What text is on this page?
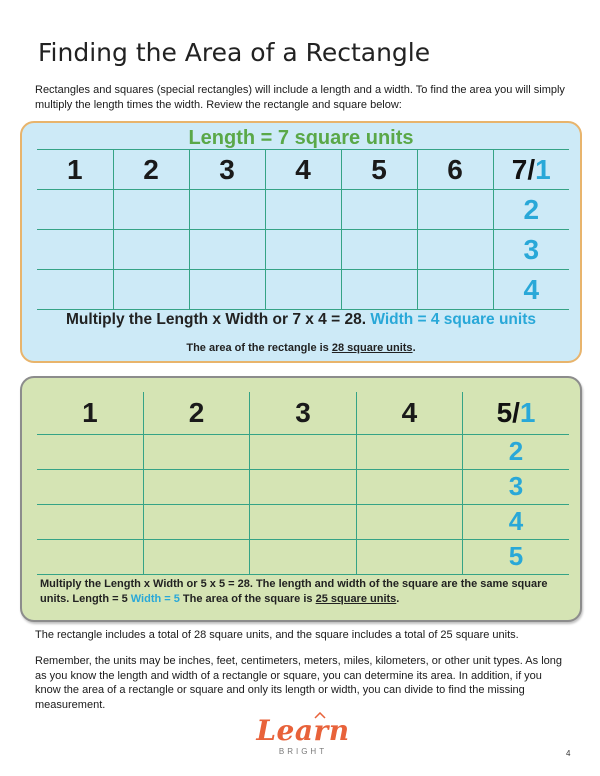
Finding the Area of a Rectangle
Rectangles and squares (special rectangles) will include a length and a width. To find the area you will simply multiply the length times the width. Review the rectangle and square below:
Length = 7 square units
1	2	3	4	5	6	7/1
						2
						3
						4
Multiply the Length x Width or 7 x 4 = 28. Width = 4 square units
The area of the rectangle is 28 square units.
1	2	3	4	5/1
				2
				3
				4
				5
Multiply the Length x Width or 5 x 5 = 28. The length and width of the square are the same square units. Length = 5 Width = 5 The area of the square is 25 square units.
The rectangle includes a total of 28 square units, and the square includes a total of 25 square units.
Remember, the units may be inches, feet, centimeters, meters, miles, kilometers, or other unit types. As long as you know the length and width of a rectangle or square, you can determine its area. In addition, if you know the area of a rectangle or square and only its length or width, you can divide to find the missing measurement.
Learn
BRIGHT	4
